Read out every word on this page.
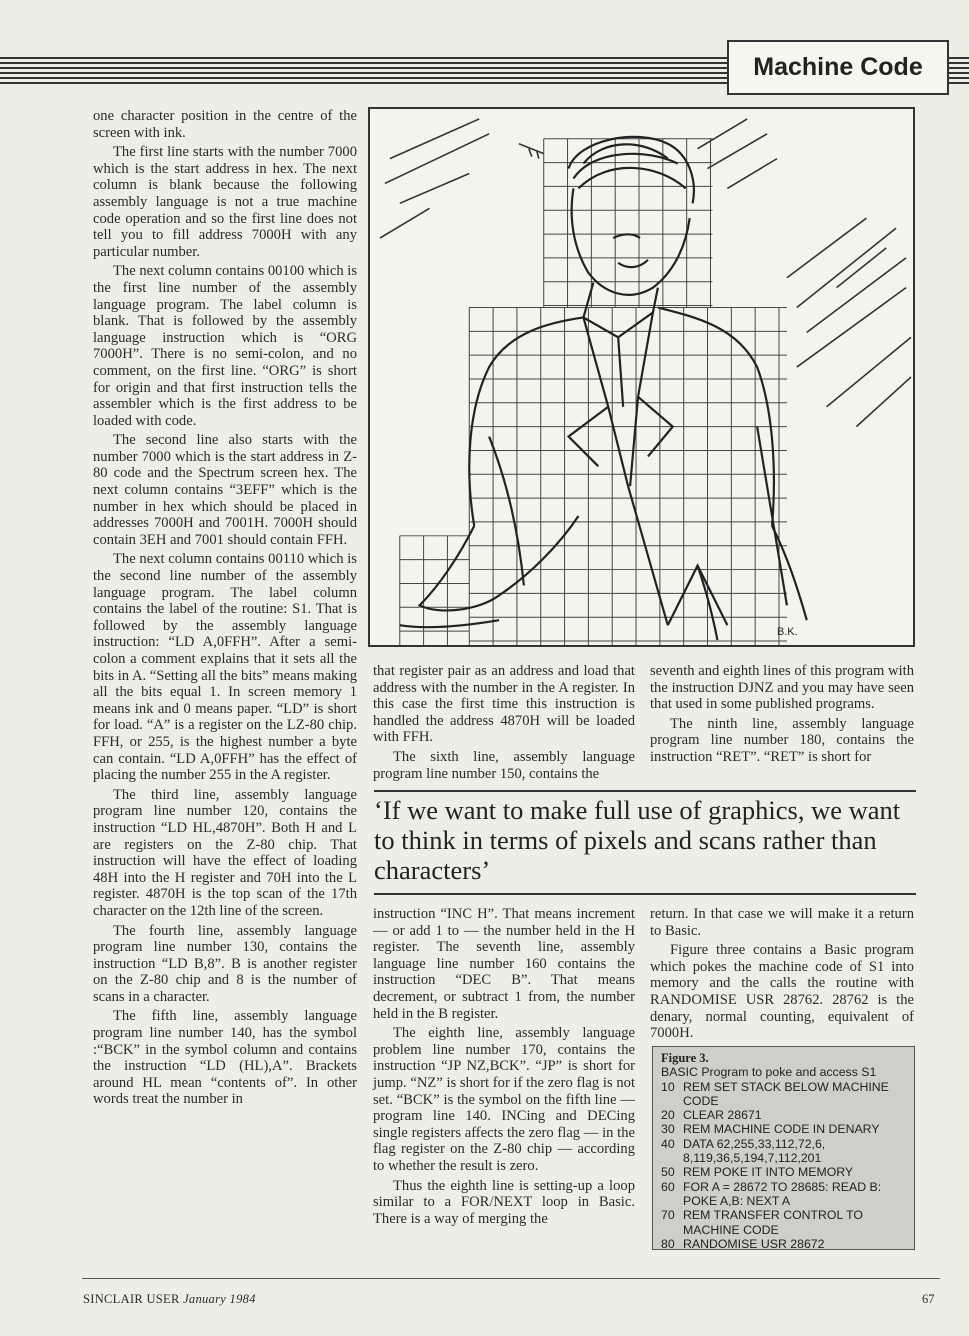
Machine Code

one character position in the centre of the screen with ink.

The first line starts with the number 7000 which is the start address in hex. The next column is blank because the following assembly language is not a true machine code operation and so the first line does not tell you to fill address 7000H with any particular number.

The next column contains 00100 which is the first line number of the assembly language program. The label column is blank. That is followed by the assembly language instruction which is “ORG 7000H”. There is no semi-colon, and no comment, on the first line. “ORG” is short for origin and that first instruction tells the assembler which is the first address to be loaded with code.

The second line also starts with the number 7000 which is the start address in Z-80 code and the Spectrum screen hex. The next column contains “3EFF” which is the number in hex which should be placed in addresses 7000H and 7001H. 7000H should contain 3EH and 7001 should contain FFH.

The next column contains 00110 which is the second line number of the assembly language program. The label column contains the label of the routine: S1. That is followed by the assembly language instruction: “LD A,0FFH”. After a semi-colon a comment explains that it sets all the bits in A. “Setting all the bits” means making all the bits equal 1. In screen memory 1 means ink and 0 means paper. “LD” is short for load. “A” is a register on the LZ-80 chip. FFH, or 255, is the highest number a byte can contain. “LD A,0FFH” has the effect of placing the number 255 in the A register.

The third line, assembly language program line number 120, contains the instruction “LD HL,4870H”. Both H and L are registers on the Z-80 chip. That instruction will have the effect of loading 48H into the H register and 70H into the L register. 4870H is the top scan of the 17th character on the 12th line of the screen.

The fourth line, assembly language program line number 130, contains the instruction “LD B,8”. B is another register on the Z-80 chip and 8 is the number of scans in a character.

The fifth line, assembly language program line number 140, has the symbol :“BCK” in the symbol column and contains the instruction “LD (HL),A”. Brackets around HL mean “contents of”. In other words treat the number in

B.K.

that register pair as an address and load that address with the number in the A register. In this case the first time this instruction is handled the address 4870H will be loaded with FFH.

The sixth line, assembly language program line number 150, contains the

seventh and eighth lines of this program with the instruction DJNZ and you may have seen that used in some published programs.

The ninth line, assembly language program line number 180, contains the instruction “RET”. “RET” is short for

‘If we want to make full use of graphics, we want to think in terms of pixels and scans rather than characters’

instruction “INC H”. That means increment — or add 1 to — the number held in the H register. The seventh line, assembly language line number 160 contains the instruction “DEC B”. That means decrement, or subtract 1 from, the number held in the B register.

The eighth line, assembly language problem line number 170, contains the instruction “JP NZ,BCK”. “JP” is short for jump. “NZ” is short for if the zero flag is not set. “BCK” is the symbol on the fifth line — program line 140. INCing and DECing single registers affects the zero flag — in the flag register on the Z-80 chip — according to whether the result is zero.

Thus the eighth line is setting-up a loop similar to a FOR/NEXT loop in Basic. There is a way of merging the

return. In that case we will make it a return to Basic.

Figure three contains a Basic program which pokes the machine code of S1 into memory and the calls the routine with RANDOMISE USR 28762. 28762 is the denary, normal counting, equivalent of 7000H.

Figure 3.
BASIC Program to poke and access S1
10 REM SET STACK BELOW MACHINE CODE
20 CLEAR 28671
30 REM MACHINE CODE IN DENARY
40 DATA 62,255,33,112,72,6, 8,119,36,5,194,7,112,201
50 REM POKE IT INTO MEMORY
60 FOR A = 28672 TO 28685: READ B: POKE A,B: NEXT A
70 REM TRANSFER CONTROL TO MACHINE CODE
80 RANDOMISE USR 28672
SINCLAIR USER January 1984	67
